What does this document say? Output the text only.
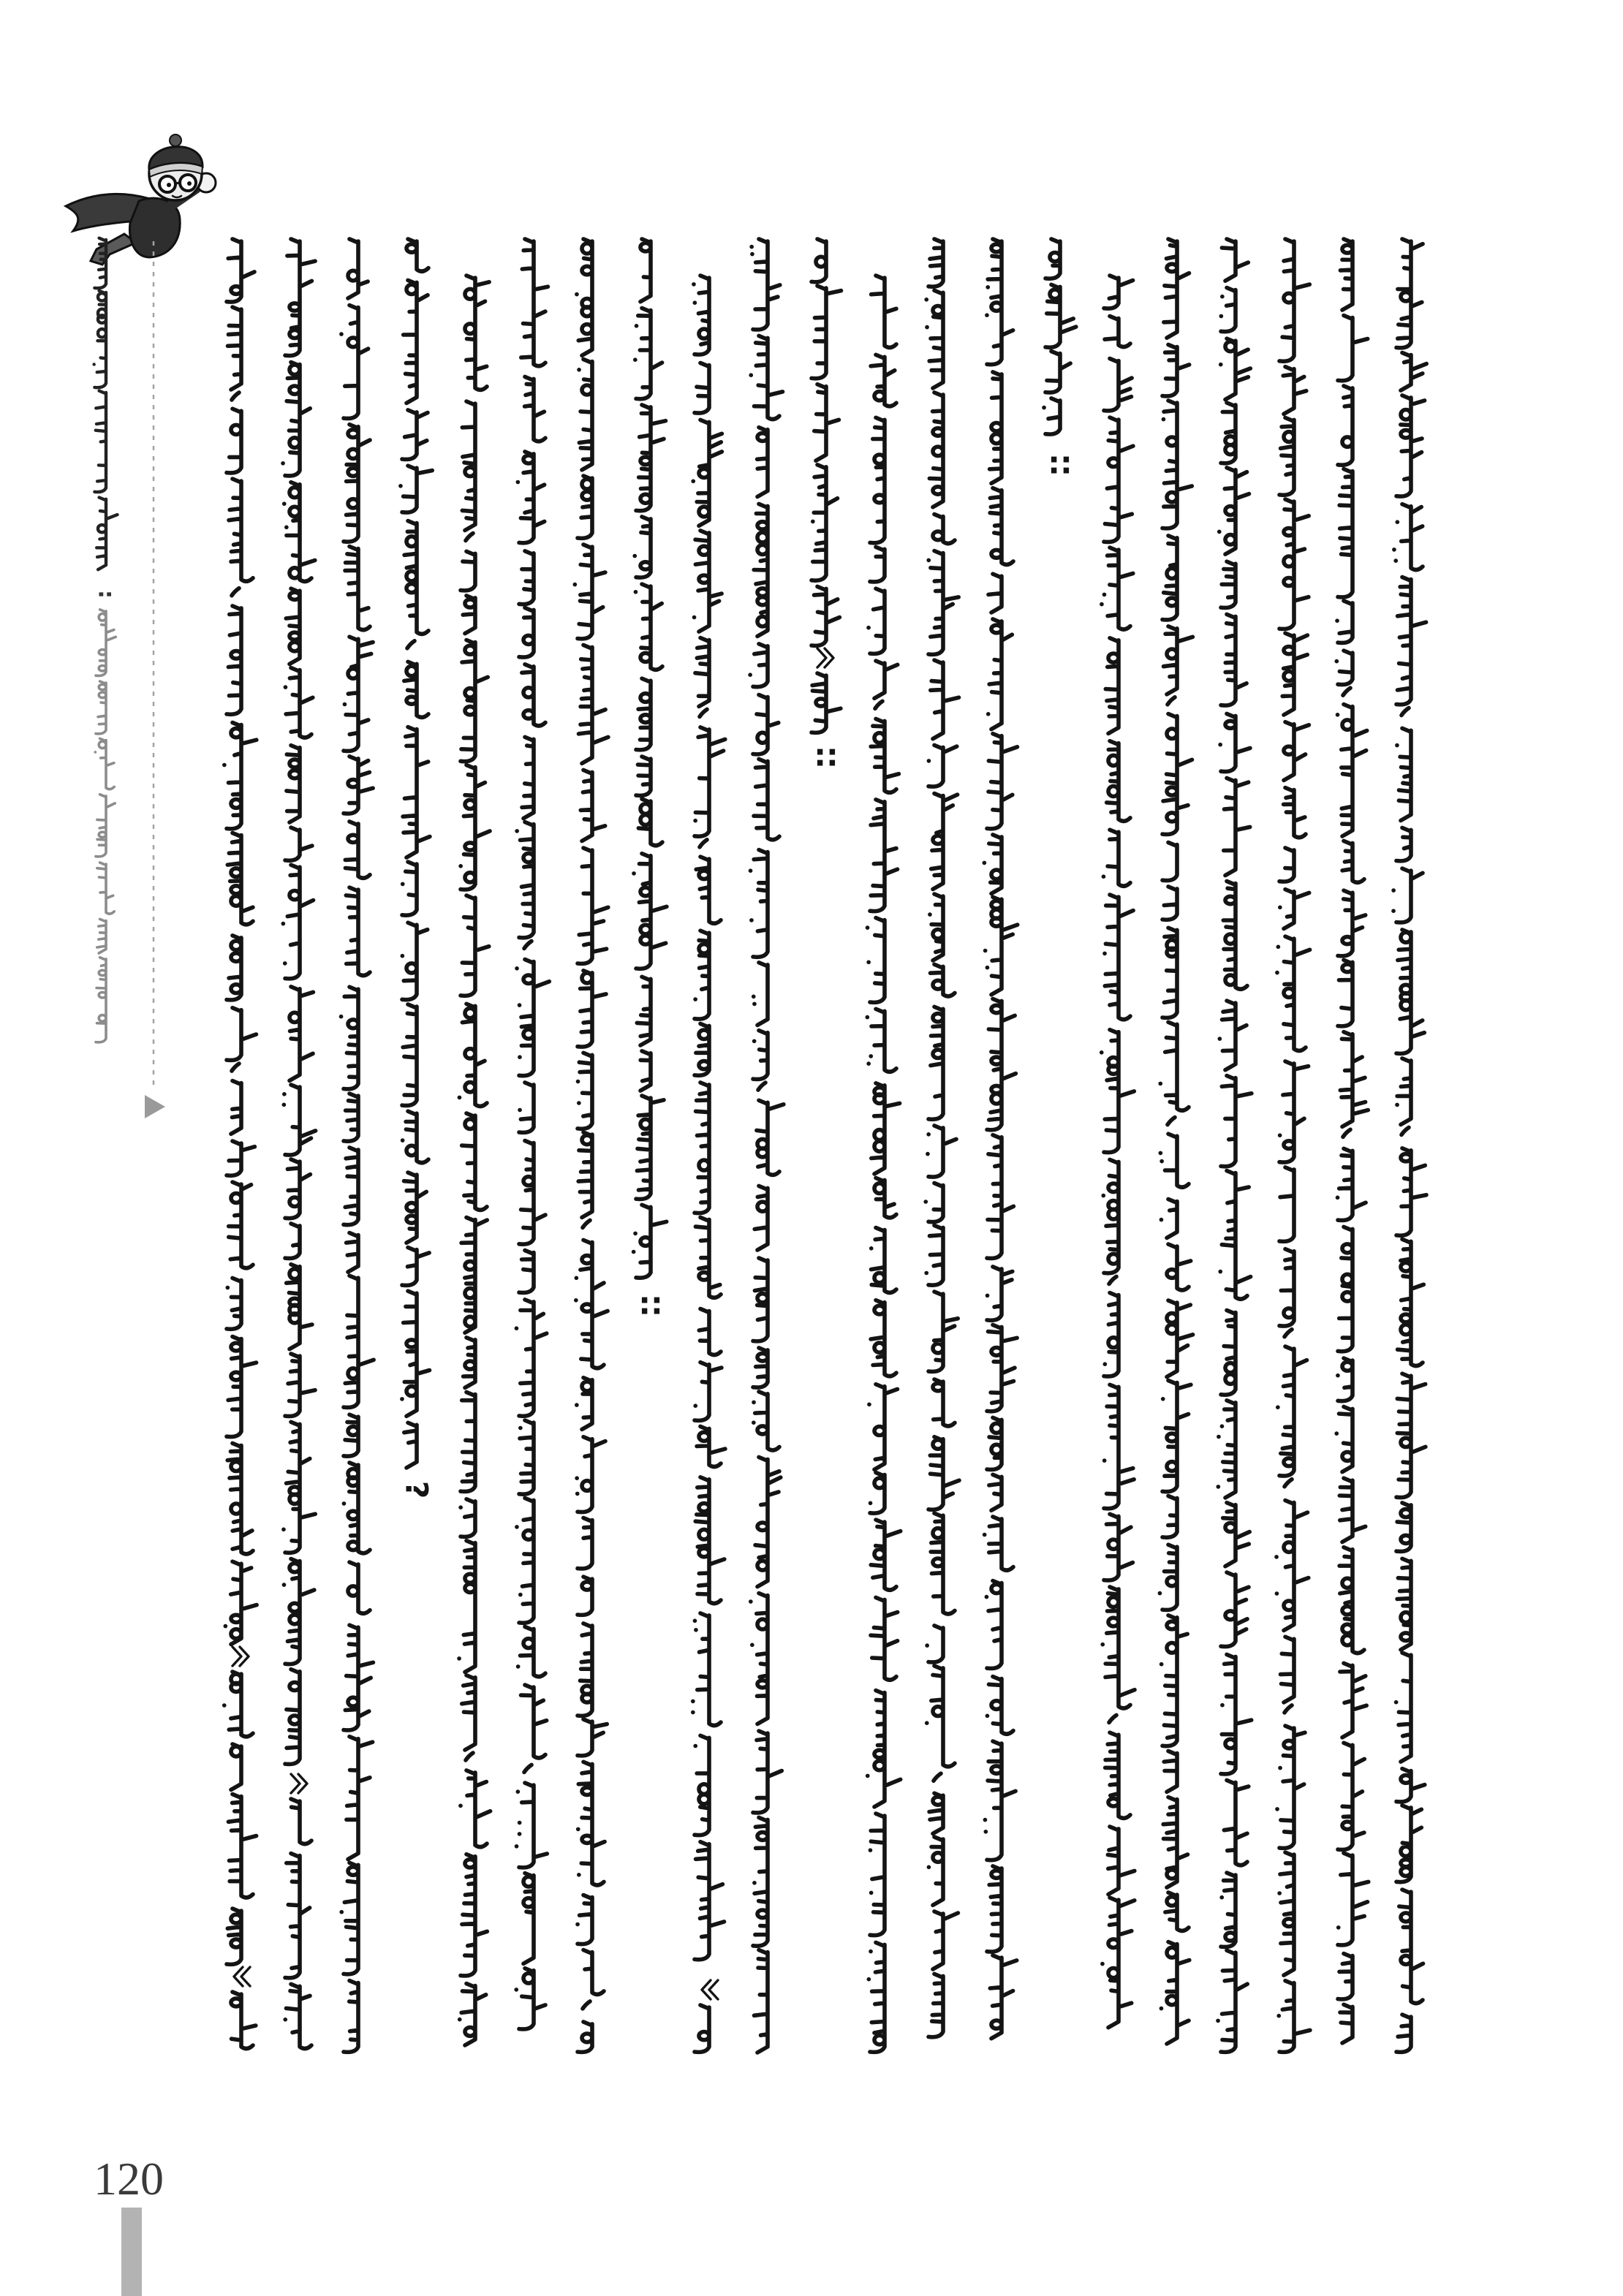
:
?
::
::
::
120
